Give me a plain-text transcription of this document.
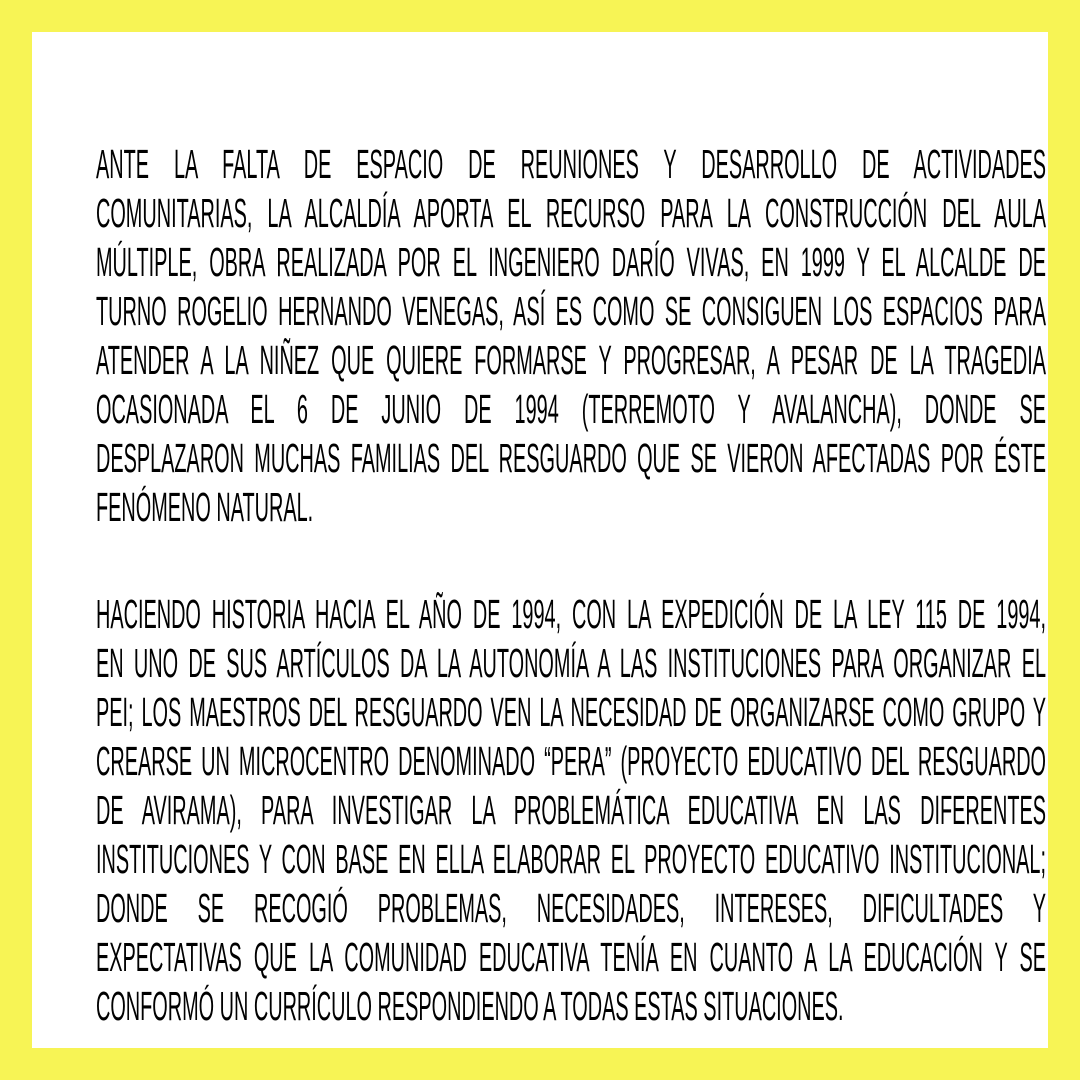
ANTE LA FALTA DE ESPACIO DE REUNIONES Y DESARROLLO DE ACTIVIDADES
COMUNITARIAS, LA ALCALDÍA APORTA EL RECURSO PARA LA CONSTRUCCIÓN DEL AULA
MÚLTIPLE, OBRA REALIZADA POR EL INGENIERO DARÍO VIVAS, EN 1999 Y EL ALCALDE DE
TURNO ROGELIO HERNANDO VENEGAS, ASÍ ES COMO SE CONSIGUEN LOS ESPACIOS PARA
ATENDER A LA NIÑEZ QUE QUIERE FORMARSE Y PROGRESAR, A PESAR DE LA TRAGEDIA
OCASIONADA EL 6 DE JUNIO DE 1994 (TERREMOTO Y AVALANCHA), DONDE SE
DESPLAZARON MUCHAS FAMILIAS DEL RESGUARDO QUE SE VIERON AFECTADAS POR ÉSTE
FENÓMENO NATURAL.

HACIENDO HISTORIA HACIA EL AÑO DE 1994, CON LA EXPEDICIÓN DE LA LEY 115 DE 1994,
EN UNO DE SUS ARTÍCULOS DA LA AUTONOMÍA A LAS INSTITUCIONES PARA ORGANIZAR EL
PEI; LOS MAESTROS DEL RESGUARDO VEN LA NECESIDAD DE ORGANIZARSE COMO GRUPO Y
CREARSE UN MICROCENTRO DENOMINADO “PERA” (PROYECTO EDUCATIVO DEL RESGUARDO
DE AVIRAMA), PARA INVESTIGAR LA PROBLEMÁTICA EDUCATIVA EN LAS DIFERENTES
INSTITUCIONES Y CON BASE EN ELLA ELABORAR EL PROYECTO EDUCATIVO INSTITUCIONAL;
DONDE SE RECOGIÓ PROBLEMAS, NECESIDADES, INTERESES, DIFICULTADES Y
EXPECTATIVAS QUE LA COMUNIDAD EDUCATIVA TENÍA EN CUANTO A LA EDUCACIÓN Y SE
CONFORMÓ UN CURRÍCULO RESPONDIENDO A TODAS ESTAS SITUACIONES.
